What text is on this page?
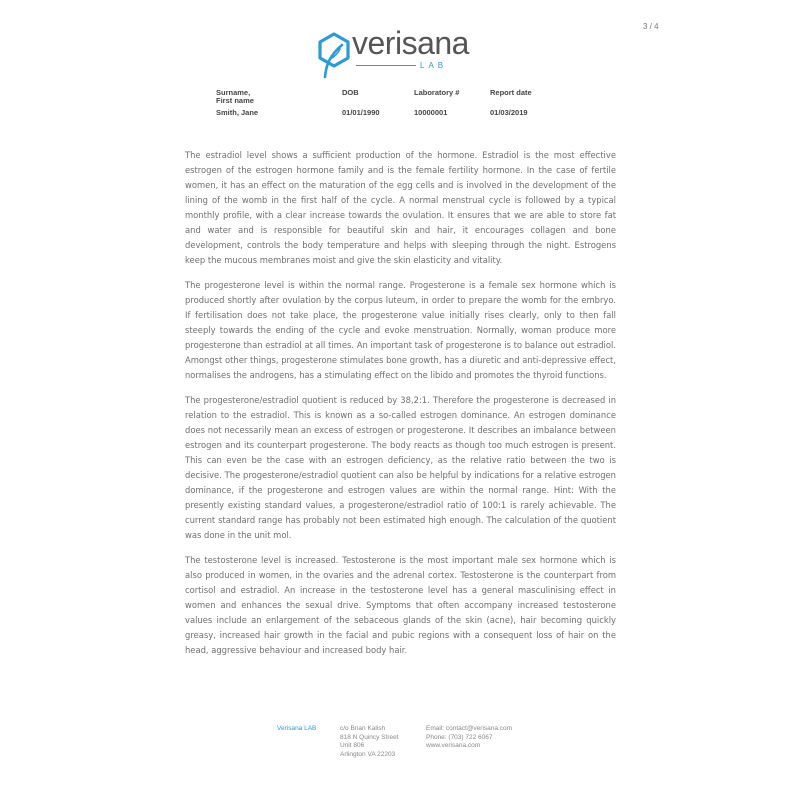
3 / 4
verisana
LAB
Surname,
First name
Smith, Jane
DOB
01/01/1990
Laboratory #
10000001
Report date
01/03/2019

The estradiol level shows a sufficient production of the hormone. Estradiol is the most effective estrogen of the estrogen hormone family and is the female fertility hormone. In the case of fertile women, it has an effect on the maturation of the egg cells and is involved in the development of the lining of the womb in the first half of the cycle. A normal menstrual cycle is followed by a typical monthly profile, with a clear increase towards the ovulation. It ensures that we are able to store fat and water and is responsible for beautiful skin and hair, it encourages collagen and bone development, controls the body temperature and helps with sleeping through the night. Estrogens keep the mucous membranes moist and give the skin elasticity and vitality.

The progesterone level is within the normal range. Progesterone is a female sex hormone which is produced shortly after ovulation by the corpus luteum, in order to prepare the womb for the embryo. If fertilisation does not take place, the progesterone value initially rises clearly, only to then fall steeply towards the ending of the cycle and evoke menstruation. Normally, woman produce more progesterone than estradiol at all times. An important task of progesterone is to balance out estradiol. Amongst other things, progesterone stimulates bone growth, has a diuretic and anti-depressive effect, normalises the androgens, has a stimulating effect on the libido and promotes the thyroid functions.

The progesterone/estradiol quotient is reduced by 38,2:1. Therefore the progesterone is decreased in relation to the estradiol. This is known as a so-called estrogen dominance. An estrogen dominance does not necessarily mean an excess of estrogen or progesterone. It describes an imbalance between estrogen and its counterpart progesterone. The body reacts as though too much estrogen is present. This can even be the case with an estrogen deficiency, as the relative ratio between the two is decisive. The progesterone/estradiol quotient can also be helpful by indications for a relative estrogen dominance, if the progesterone and estrogen values are within the normal range. Hint: With the presently existing standard values, a progesterone/estradiol ratio of 100:1 is rarely achievable. The current standard range has probably not been estimated high enough. The calculation of the quotient was done in the unit mol.

The testosterone level is increased. Testosterone is the most important male sex hormone which is also produced in women, in the ovaries and the adrenal cortex. Testosterone is the counterpart from cortisol and estradiol. An increase in the testosterone level has a general masculinising effect in women and enhances the sexual drive. Symptoms that often accompany increased testosterone values include an enlargement of the sebaceous glands of the skin (acne), hair becoming quickly greasy, increased hair growth in the facial and pubic regions with a consequent loss of hair on the head, aggressive behaviour and increased body hair.

Verisana LAB	c/o Brian Kalish
818 N Quincy Street
Unit 806
Arlington VA 22203
Email: contact@verisana.com
Phone: (703) 722 6067
www.verisana.com
